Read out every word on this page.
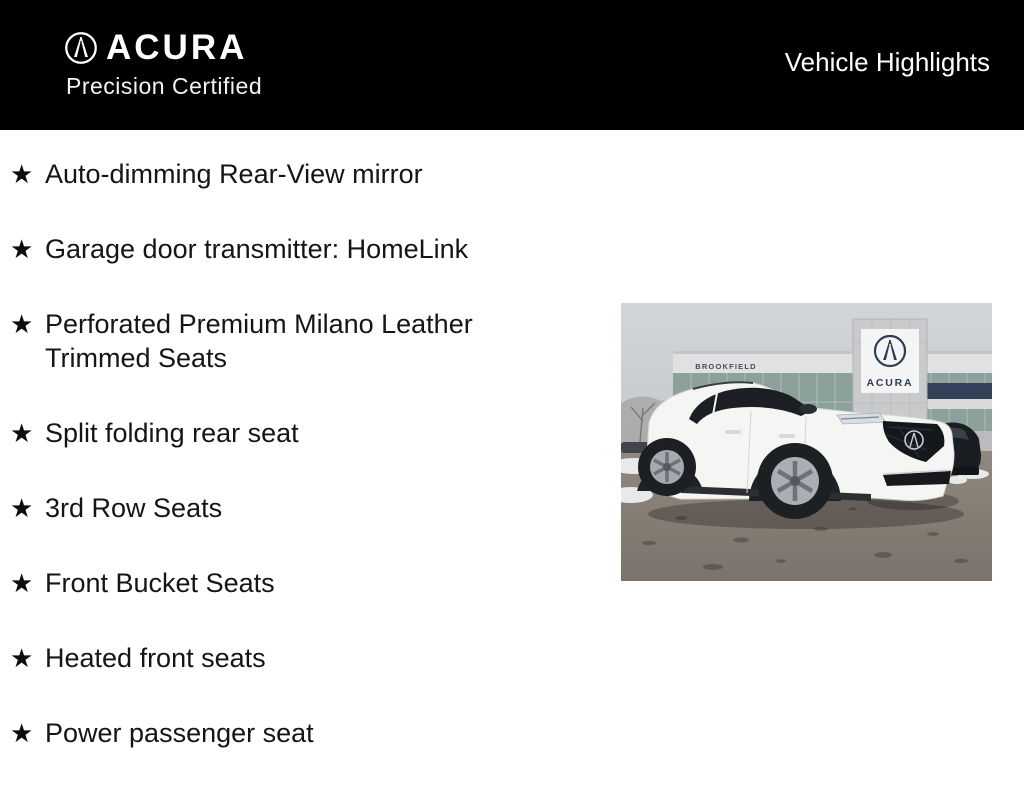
ACURA
Precision Certified
Vehicle Highlights
★ Auto-dimming Rear-View mirror
★ Garage door transmitter: HomeLink
★ Perforated Premium Milano Leather Trimmed Seats
★ Split folding rear seat
★ 3rd Row Seats
★ Front Bucket Seats
★ Heated front seats
★ Power passenger seat
BROOKFIELD
ACURA
